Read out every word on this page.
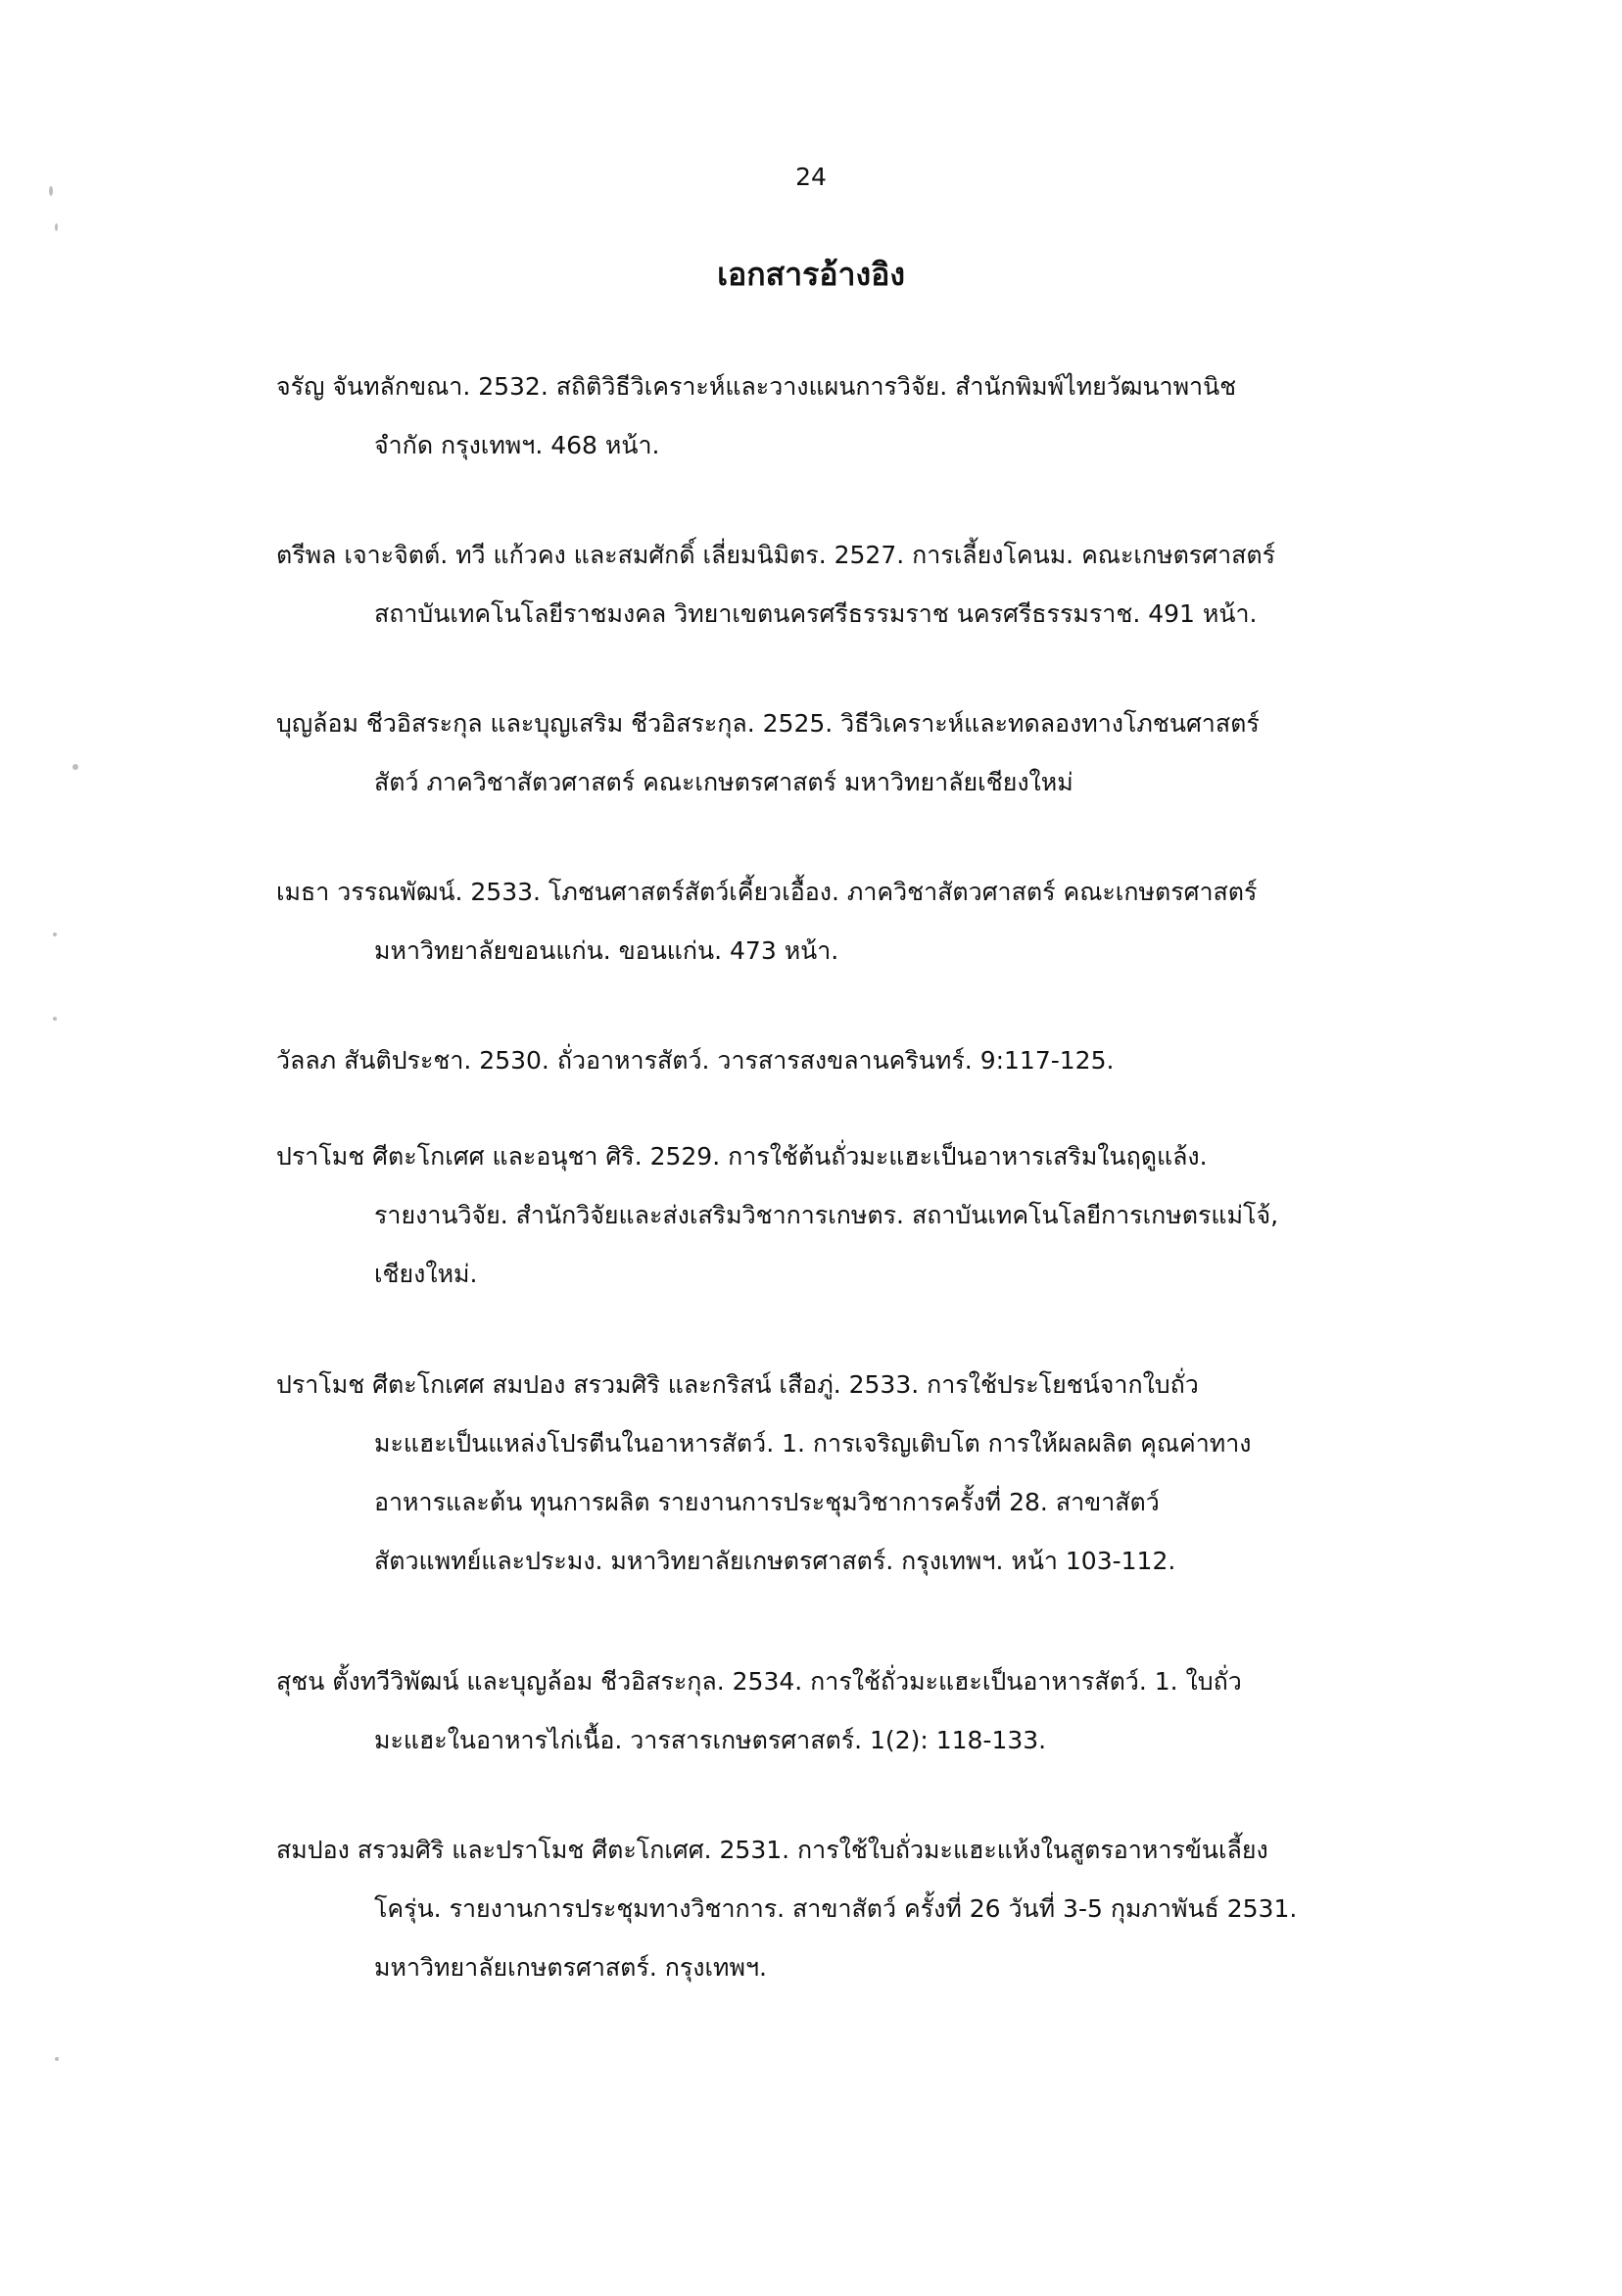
24
เอกสารอ้างอิง
จรัญ จันทลักขณา. 2532. สถิติวิธีวิเคราะห์และวางแผนการวิจัย. สำนักพิมพ์ไทยวัฒนาพานิช
จำกัด กรุงเทพฯ. 468 หน้า.
ตรีพล เจาะจิตต์. ทวี แก้วคง และสมศักดิ์ เลี่ยมนิมิตร. 2527. การเลี้ยงโคนม. คณะเกษตรศาสตร์
สถาบันเทคโนโลยีราชมงคล วิทยาเขตนครศรีธรรมราช นครศรีธรรมราช. 491 หน้า.
บุญล้อม ชีวอิสระกุล และบุญเสริม ชีวอิสระกุล. 2525. วิธีวิเคราะห์และทดลองทางโภชนศาสตร์
สัตว์ ภาควิชาสัตวศาสตร์ คณะเกษตรศาสตร์ มหาวิทยาลัยเชียงใหม่
เมธา วรรณพัฒน์. 2533. โภชนศาสตร์สัตว์เคี้ยวเอื้อง. ภาควิชาสัตวศาสตร์ คณะเกษตรศาสตร์
มหาวิทยาลัยขอนแก่น. ขอนแก่น. 473 หน้า.
วัลลภ สันติประชา. 2530. ถั่วอาหารสัตว์. วารสารสงขลานครินทร์. 9:117-125.
ปราโมช ศีตะโกเศศ และอนุชา ศิริ. 2529. การใช้ต้นถั่วมะแฮะเป็นอาหารเสริมในฤดูแล้ง.
รายงานวิจัย. สำนักวิจัยและส่งเสริมวิชาการเกษตร. สถาบันเทคโนโลยีการเกษตรแม่โจ้,
เชียงใหม่.
ปราโมช ศีตะโกเศศ สมปอง สรวมศิริ และกริสน์ เสือภู่. 2533. การใช้ประโยชน์จากใบถั่ว
มะแฮะเป็นแหล่งโปรตีนในอาหารสัตว์. 1. การเจริญเติบโต การให้ผลผลิต คุณค่าทาง
อาหารและต้น ทุนการผลิต รายงานการประชุมวิชาการครั้งที่ 28. สาขาสัตว์
สัตวแพทย์และประมง. มหาวิทยาลัยเกษตรศาสตร์. กรุงเทพฯ. หน้า 103-112.
สุชน ตั้งทวีวิพัฒน์ และบุญล้อม ชีวอิสระกุล. 2534. การใช้ถั่วมะแฮะเป็นอาหารสัตว์. 1. ใบถั่ว
มะแฮะในอาหารไก่เนื้อ. วารสารเกษตรศาสตร์. 1(2): 118-133.
สมปอง สรวมศิริ และปราโมช ศีตะโกเศศ. 2531. การใช้ใบถั่วมะแฮะแห้งในสูตรอาหารข้นเลี้ยง
โครุ่น. รายงานการประชุมทางวิชาการ. สาขาสัตว์ ครั้งที่ 26 วันที่ 3-5 กุมภาพันธ์ 2531.
มหาวิทยาลัยเกษตรศาสตร์. กรุงเทพฯ.
